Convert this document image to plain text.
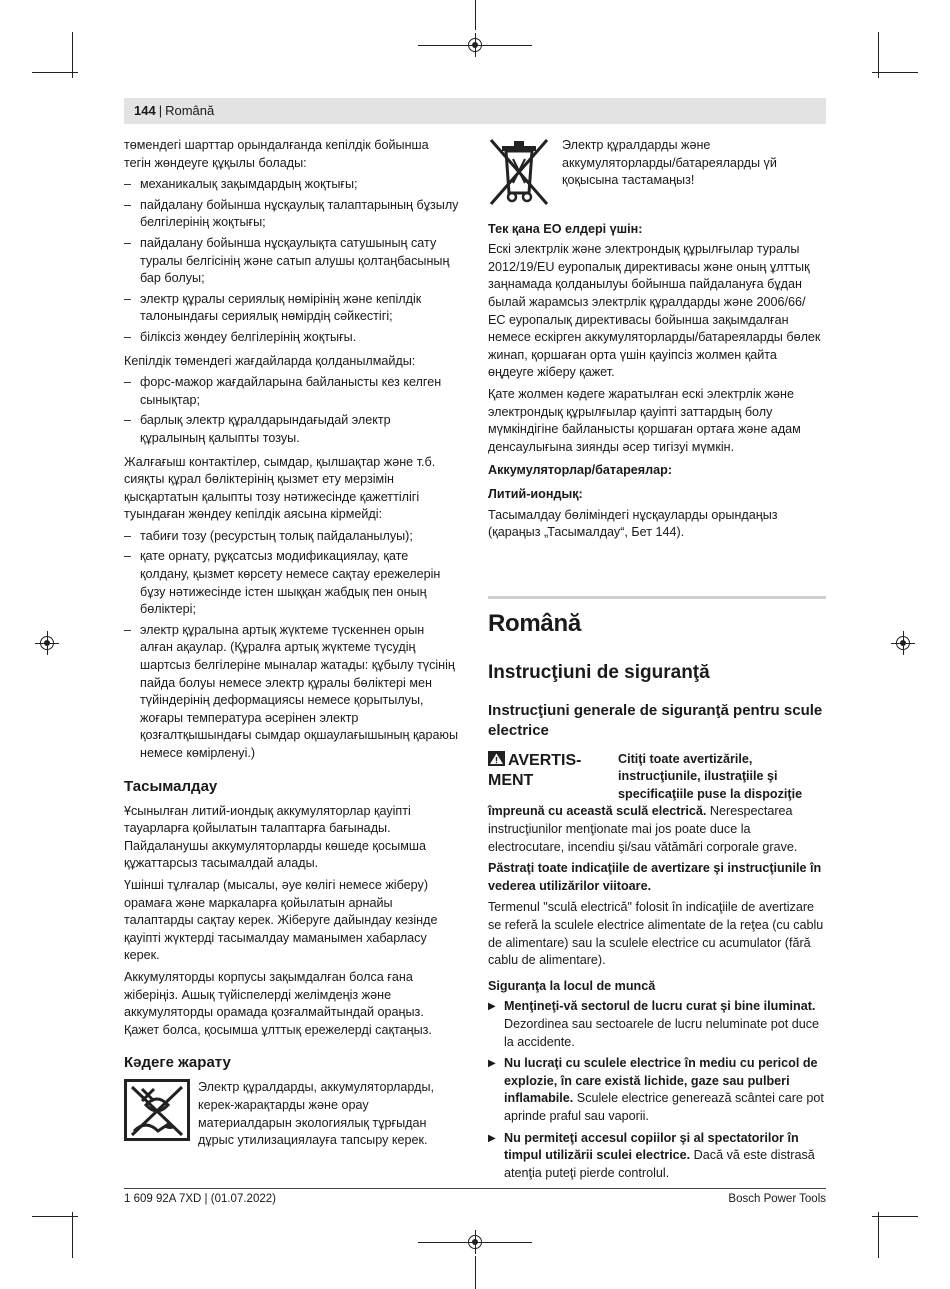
144 | Română

төмендегі шарттар орындалғанда кепілдік бойынша тегін жөндеуге құқылы болады:

– механикалық зақымдардың жоқтығы;
– пайдалану бойынша нұсқаулық талаптарының бұзылу белгілерінің жоқтығы;
– пайдалану бойынша нұсқаулықта сатушының сату туралы белгісінің және сатып алушы қолтаңбасының бар болуы;
– электр құралы сериялық нөмірінің және кепілдік талонындағы сериялық нөмірдің сәйкестігі;
– біліксіз жөндеу белгілерінің жоқтығы.

Кепілдік төмендегі жағдайларда қолданылмайды:

– форс-мажор жағдайларына байланысты кез келген сынықтар;
– барлық электр құралдарындағыдай электр құралының қалыпты тозуы.

Жалғағыш контактілер, сымдар, қылшақтар және т.б. сияқты құрал бөліктерінің қызмет ету мерзімін қысқартатын қалыпты тозу нәтижесінде қажеттілігі туындаған жөндеу кепілдік аясына кірмейді:

– табиғи тозу (ресурстың толық пайдаланылуы);
– қате орнату, рұқсатсыз модификациялау, қате қолдану, қызмет көрсету немесе сақтау ережелерін бұзу нәтижесінде істен шыққан жабдық пен оның бөліктері;
– электр құралына артық жүктеме түскеннен орын алған ақаулар. (Құралға артық жүктеме түсудің шартсыз белгілеріне мыналар жатады: құбылу түсінің пайда болуы немесе электр құралы бөліктері мен түйіндерінің деформациясы немесе қорытылуы, жоғары температура әсерінен электр қозғалтқышындағы сымдар оқшаулағышының қараюы немесе көмірленуі.)
Тасымалдау

Ұсынылған литий-иондық аккумуляторлар қауіпті тауарларға қойылатын талаптарға бағынады. Пайдаланушы аккумуляторларды көшеде қосымша құжаттарсыз тасымалдай алады.

Үшінші тұлғалар (мысалы, әуе көлігі немесе жіберу) орамаға және маркаларға қойылатын арнайы талаптарды сақтау керек. Жіберуге дайындау кезінде қауіпті жүктерді тасымалдау маманымен хабарласу керек.

Аккумуляторды корпусы зақымдалған болса ғана жіберіңіз. Ашық түйіспелерді желімдеңіз және аккумуляторды орамада қозғалмайтындай ораңыз. Қажет болса, қосымша ұлттық ережелерді сақтаңыз.

Кәдеге жарату
Электр құралдарды, аккумуляторларды, керек-жарақтарды және орау материалдарын экологиялық тұрғыдан дұрыс утилизациялауға тапсыру керек.
Электр құралдарды және аккумуляторларды/батареяларды үй қоқысына тастамаңыз!
Тек қана ЕО елдері үшін:

Ескі электрлік және электрондық құрылғылар туралы 2012/19/EU еуропалық директивасы және оның ұлттық заңнамада қолданылуы бойынша пайдалануға бұдан былай жарамсыз электрлік құралдарды және 2006/66/ ЕС еуропалық директивасы бойынша зақымдалған немесе ескірген аккумуляторларды/батареяларды бөлек жинап, қоршаған орта үшін қауіпсіз жолмен қайта өңдеуге жіберу қажет.

Қате жолмен кәдеге жаратылған ескі электрлік және электрондық құрылғылар қауіпті заттардың болу мүмкіндігіне байланысты қоршаған ортаға және адам денсаулығына зиянды әсер тигізуі мүмкін.

Аккумуляторлар/батареялар:
Литий-иондық:

Тасымалдау бөліміндегі нұсқауларды орындаңыз (қараңыз „Тасымалдау“, Бет 144).

Română
Instrucţiuni de siguranţă
Instrucţiuni generale de siguranţă pentru scule electrice
AVERTIS-MENT

Citiţi toate avertizările, instrucţiunile, ilustraţiile şi specificaţiile puse la dispoziţie împreună cu această sculă electrică. Nerespectarea instrucţiunilor menţionate mai jos poate duce la electrocutare, incendiu şi/sau vătămări corporale grave.

Păstraţi toate indicaţiile de avertizare şi instrucţiunile în vederea utilizărilor viitoare.

Termenul "sculă electrică" folosit în indicaţiile de avertizare se referă la sculele electrice alimentate de la reţea (cu cablu de alimentare) sau la sculele electrice cu acumulator (fără cablu de alimentare).

Siguranţa la locul de muncă
▶ Menţineţi-vă sectorul de lucru curat şi bine iluminat. Dezordinea sau sectoarele de lucru neluminate pot duce la accidente.
▶ Nu lucraţi cu sculele electrice în mediu cu pericol de explozie, în care există lichide, gaze sau pulberi inflamabile. Sculele electrice generează scântei care pot aprinde praful sau vaporii.
▶ Nu permiteţi accesul copiilor şi al spectatorilor în timpul utilizării sculei electrice. Dacă vă este distrasă atenţia puteţi pierde controlul.
1 609 92A 7XD | (01.07.2022)	Bosch Power Tools
